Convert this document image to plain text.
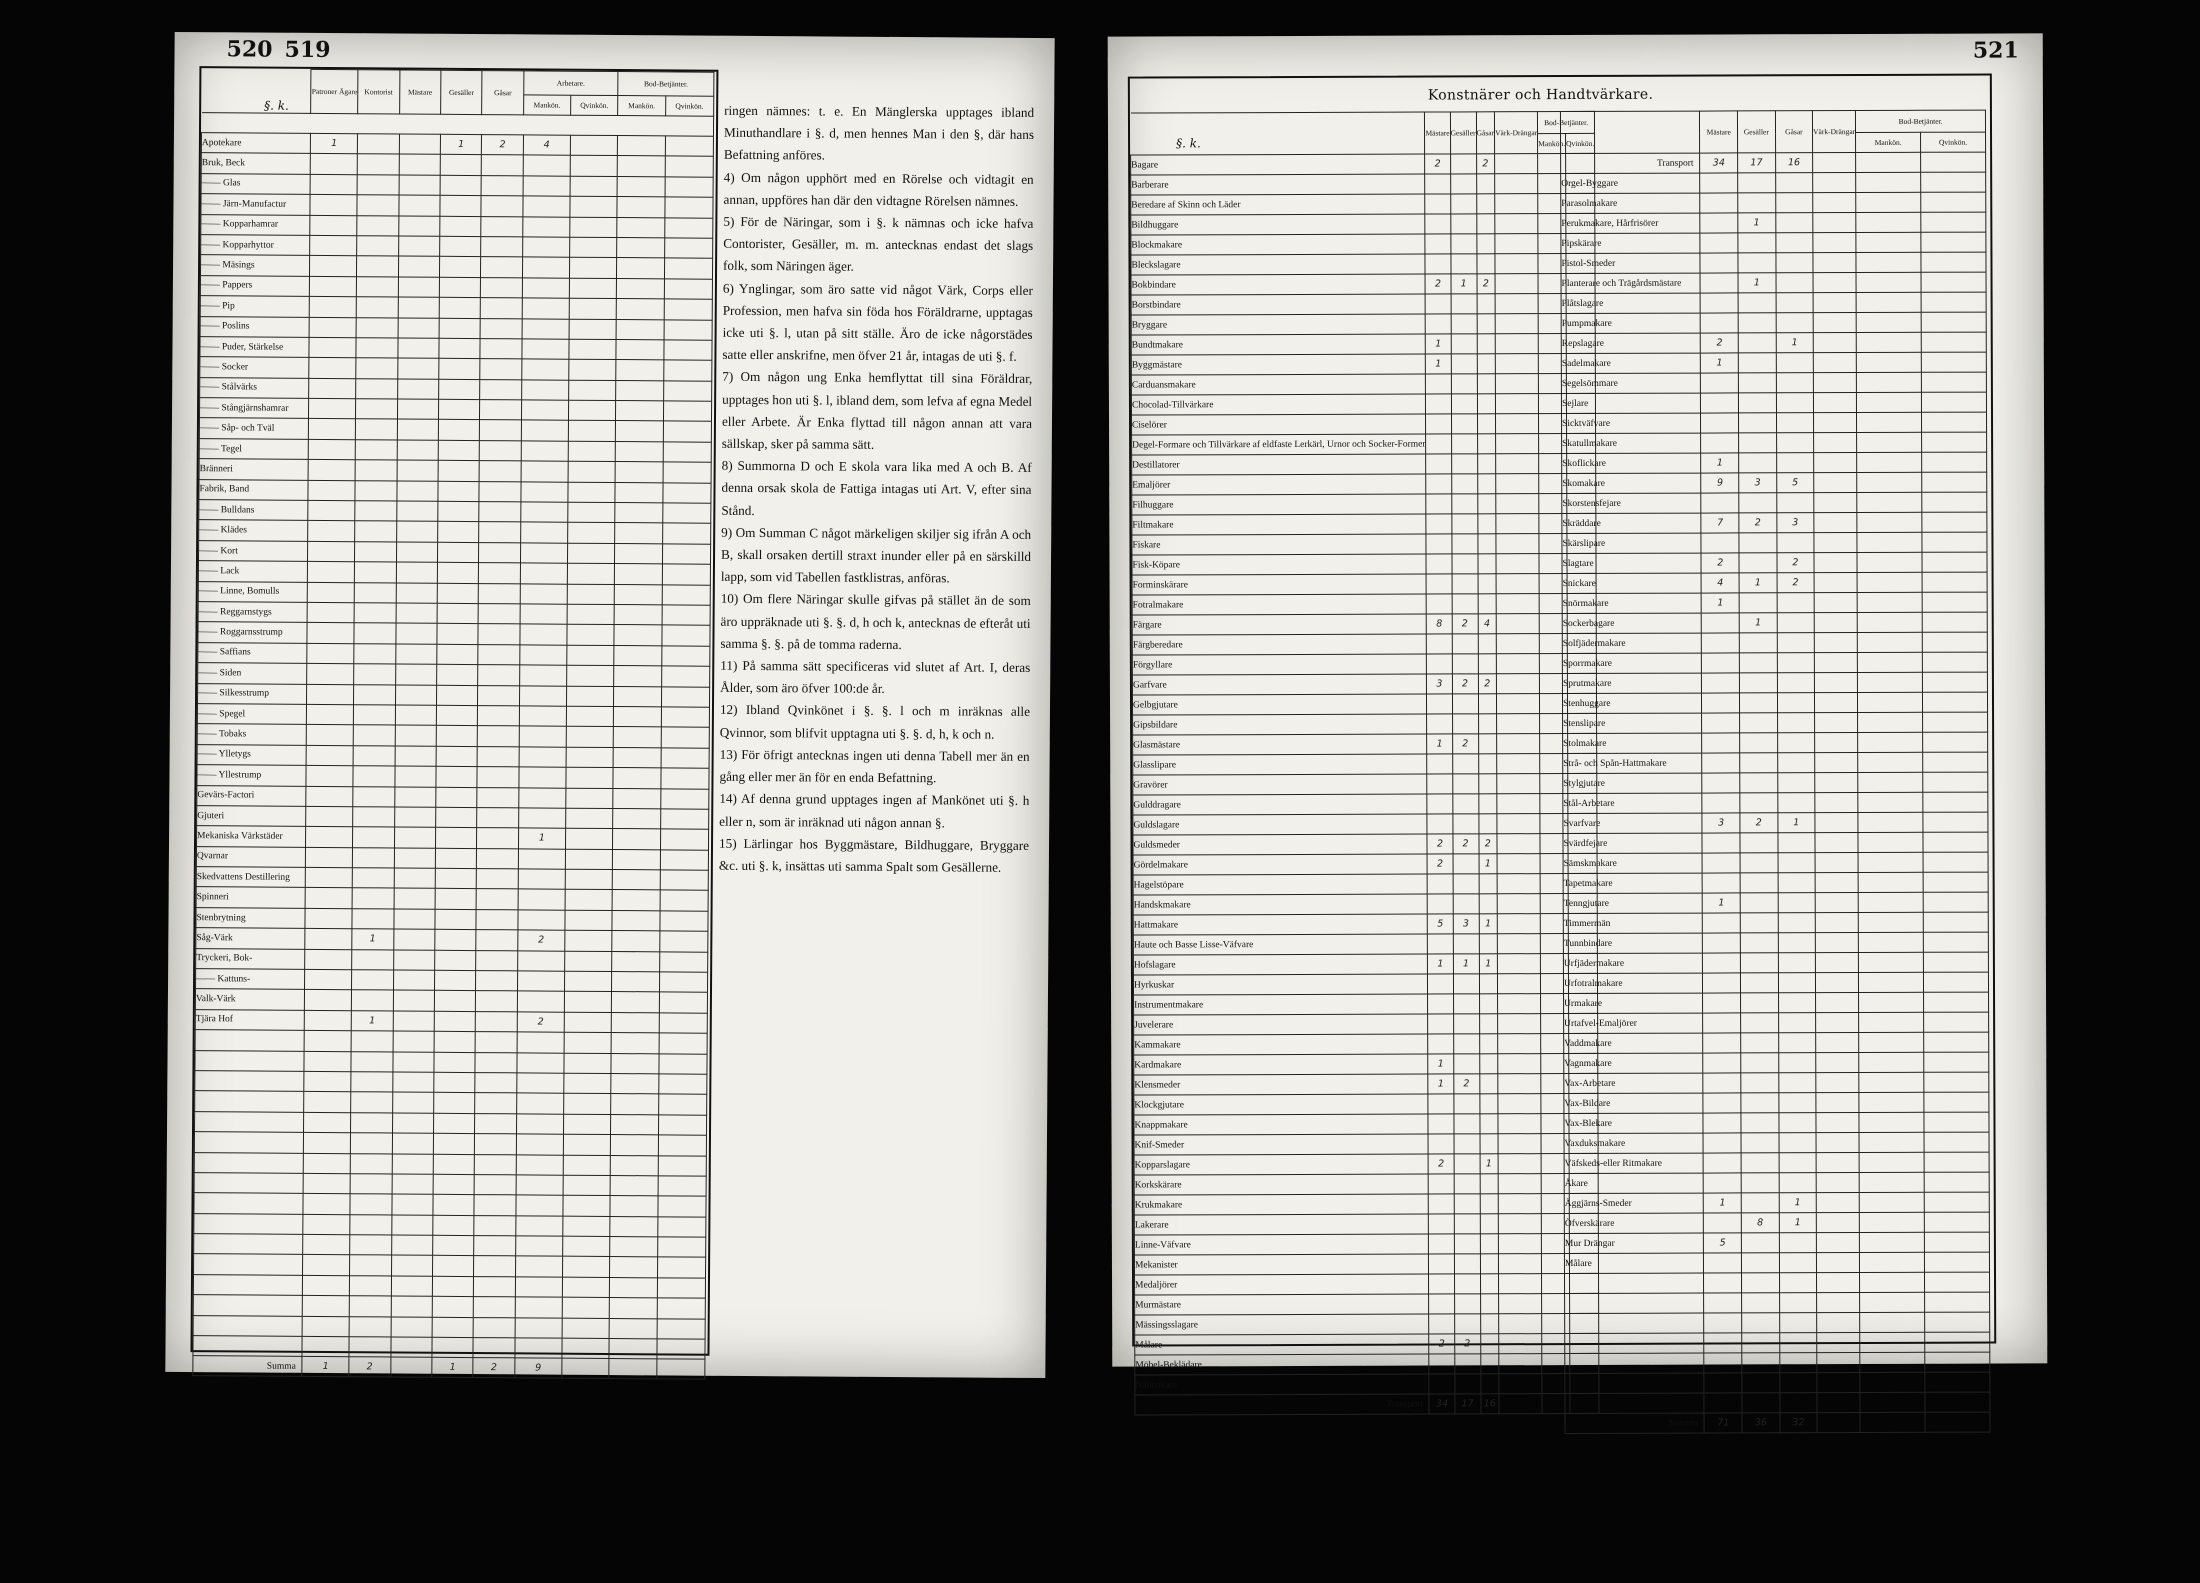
519
520
§. k.
	Patroner Ägare	Kontorist	Mästare	Gesäller	Gåsar	Arbetare.		Bod-Betjänter.	
						Mankön.	Qvinkön.	Mankön.	Qvinkön.

Apotekare	1			1	2	4			
Bruk, Beck									
—— Glas									
—— Järn-Manufactur									
—— Kopparhamrar									
—— Kopparhyttor									
—— Mäsings									
—— Pappers									
—— Pip									
—— Poslins									
—— Puder, Stärkelse									
—— Socker									
—— Stålvärks									
—— Stångjärnshamrar									
—— Såp- och Tväl									
—— Tegel									
Bränneri									
Fabrik, Band									
—— Bulldans									
—— Klädes									
—— Kort									
—— Lack									
—— Linne, Bomulls									
—— Reggarnstygs									
—— Roggarnsstrump									
—— Saffians									
—— Siden									
—— Silkesstrump									
—— Spegel									
—— Tobaks									
—— Ylletygs									
—— Yllestrump									
Gevärs-Factori									
Gjuteri									
Mekaniska Värkstäder						1			
Qvarnar									
Skedvattens Destillering									
Spinneri									
Stenbrytning									
Såg-Värk		1				2			
Tryckeri, Bok-									
—— Kattuns-									
Valk-Värk									
Tjära Hof		1				2			

Summa	1	2		1	2	9			

ringen nämnes: t. e. En Mänglerska upptages ibland Minuthandlare i §. d, men hennes Man i den §, där hans Befattning anföres.

4) Om någon upphört med en Rörelse och vidtagit en annan, uppföres han där den vidtagne Rörelsen nämnes.

5) För de Näringar, som i §. k nämnas och icke hafva Contorister, Gesäller, m. m. antecknas endast det slags folk, som Näringen äger.

6) Ynglingar, som äro satte vid något Värk, Corps eller Profession, men hafva sin föda hos Föräldrarne, upptagas icke uti §. l, utan på sitt ställe. Äro de icke någorstädes satte eller anskrifne, men öfver 21 år, intagas de uti §. f.

7) Om någon ung Enka hemflyttat till sina Föräldrar, upptages hon uti §. l, ibland dem, som lefva af egna Medel eller Arbete. Är Enka flyttad till någon annan att vara sällskap, sker på samma sätt.

8) Summorna D och E skola vara lika med A och B. Af denna orsak skola de Fattiga intagas uti Art. V, efter sina Stånd.

9) Om Summan C något märkeligen skiljer sig ifrån A och B, skall orsaken dertill straxt inunder eller på en särskilld lapp, som vid Tabellen fastklistras, anföras.

10) Om flere Näringar skulle gifvas på stället än de som äro uppräknade uti §. §. d, h och k, antecknas de efteråt uti samma §. §. på de tomma raderna.

11) På samma sätt specificeras vid slutet af Art. I, deras Ålder, som äro öfver 100:de år.

12) Ibland Qvinkönet i §. §. l och m inräknas alle Qvinnor, som blifvit upptagna uti §. §. d, h, k och n.

13) För öfrigt antecknas ingen uti denna Tabell mer än en gång eller mer än för en enda Befattning.

14) Af denna grund upptages ingen af Mankönet uti §. h eller n, som är inräknad uti någon annan §.

15) Lärlingar hos Byggmästare, Bildhuggare, Bryggare &c. uti §. k, insättas uti samma Spalt som Gesällerne.

521
Konstnärer och Handtvärkare.
§. k.
	Mästare	Gesäller	Gåsar	Värk-Drängar	Bod-Betjänter.	
					Mankön.	Qvinkön.
Bagare	2		2			
Barberare						
Beredare af Skinn och Läder						
Bildhuggare						
Blockmakare						
Bleckslagare						
Bokbindare	2	1	2			
Borstbindare						
Bryggare						
Bundtmakare	1					
Byggmästare	1					
Carduansmakare						
Chocolad-Tillvärkare						
Ciselörer						
Degel-Formare och Tillvärkare af eldfaste Lerkärl, Urnor och Socker-Former						
Destillatorer						
Emaljörer						
Filhuggare						
Filtmakare						
Fiskare						
Fisk-Köpare						
Forminskärare						
Fotralmakare						
Färgare	8	2	4			
Färgberedare						
Förgyllare						
Garfvare	3	2	2			
Gelbgjutare						
Gipsbildare						
Glasmästare	1	2				
Glasslipare						
Gravörer						
Gulddragare						
Guldslagare						
Guldsmeder	2	2	2			
Gördelmakare	2		1			
Hagelstöpare						
Handskmakare						
Hattmakare	5	3	1			
Haute och Basse Lisse-Väfvare						
Hofslagare	1	1	1			
Hyrkuskar						
Instrumentmakare						
Juvelerare						
Kammakare						
Kardmakare	1					
Klensmeder	1	2				
Klockgjutare						
Knappmakare						
Knif-Smeder						
Kopparslagare	2		1			
Korkskärare						
Krukmakare						
Lakerare						
Linne-Väfvare						
Mekanister						
Medaljörer						
Murmästare						
Mässingsslagare						
Målare	2	2				
Möbel-Beklädare						
Nålmakare						
Transport	34	17	16			
	Mästare	Gesäller	Gåsar	Värk-Drängar	Bod-Betjänter.	
					Mankön.	Qvinkön.
Transport	34	17	16			
Orgel-Byggare						
Parasolmakare						
Perukmakare, Hårfrisörer		1				
Pipskärare						
Pistol-Smeder						
Planterare och Trägårdsmästare		1				
Plåtslagare						
Pumpmakare						
Repslagare	2		1			
Sadelmakare	1					
Segelsömmare						
Sejlare						
Sicktväfvare						
Skatullmakare						
Skoflickare	1					
Skomakare	9	3	5			
Skorstensfejare						
Skräddare	7	2	3			
Skärslipare						
Slagtare	2		2			
Snickare	4	1	2			
Snörmakare	1					
Sockerbagare		1				
Solfjädermakare						
Sporrmakare						
Sprutmakare						
Stenhuggare						
Stenslipare						
Stolmakare						
Strå- och Spån-Hattmakare						
Stylgjutare						
Stål-Arbetare						
Svarfvare	3	2	1			
Svärdfejare						
Sämskmakare						
Tapetmakare						
Tenngjutare	1					
Timmermän						
Tunnbindare						
Urfjädermakare						
Urfotralmakare						
Urmakare						
Urtafvel-Emaljörer						
Vaddmakare						
Vagnmakare						
Vax-Arbetare						
Vax-Bildare						
Vax-Blekare						
Vaxduksmakare						
Väfskeds-eller Ritmakare						
Åkare						
Äggjärns-Smeder	1		1			
Öfverskärare		8	1			
Mur Drängar	5					
Målare						

Summa	71	36	32			
